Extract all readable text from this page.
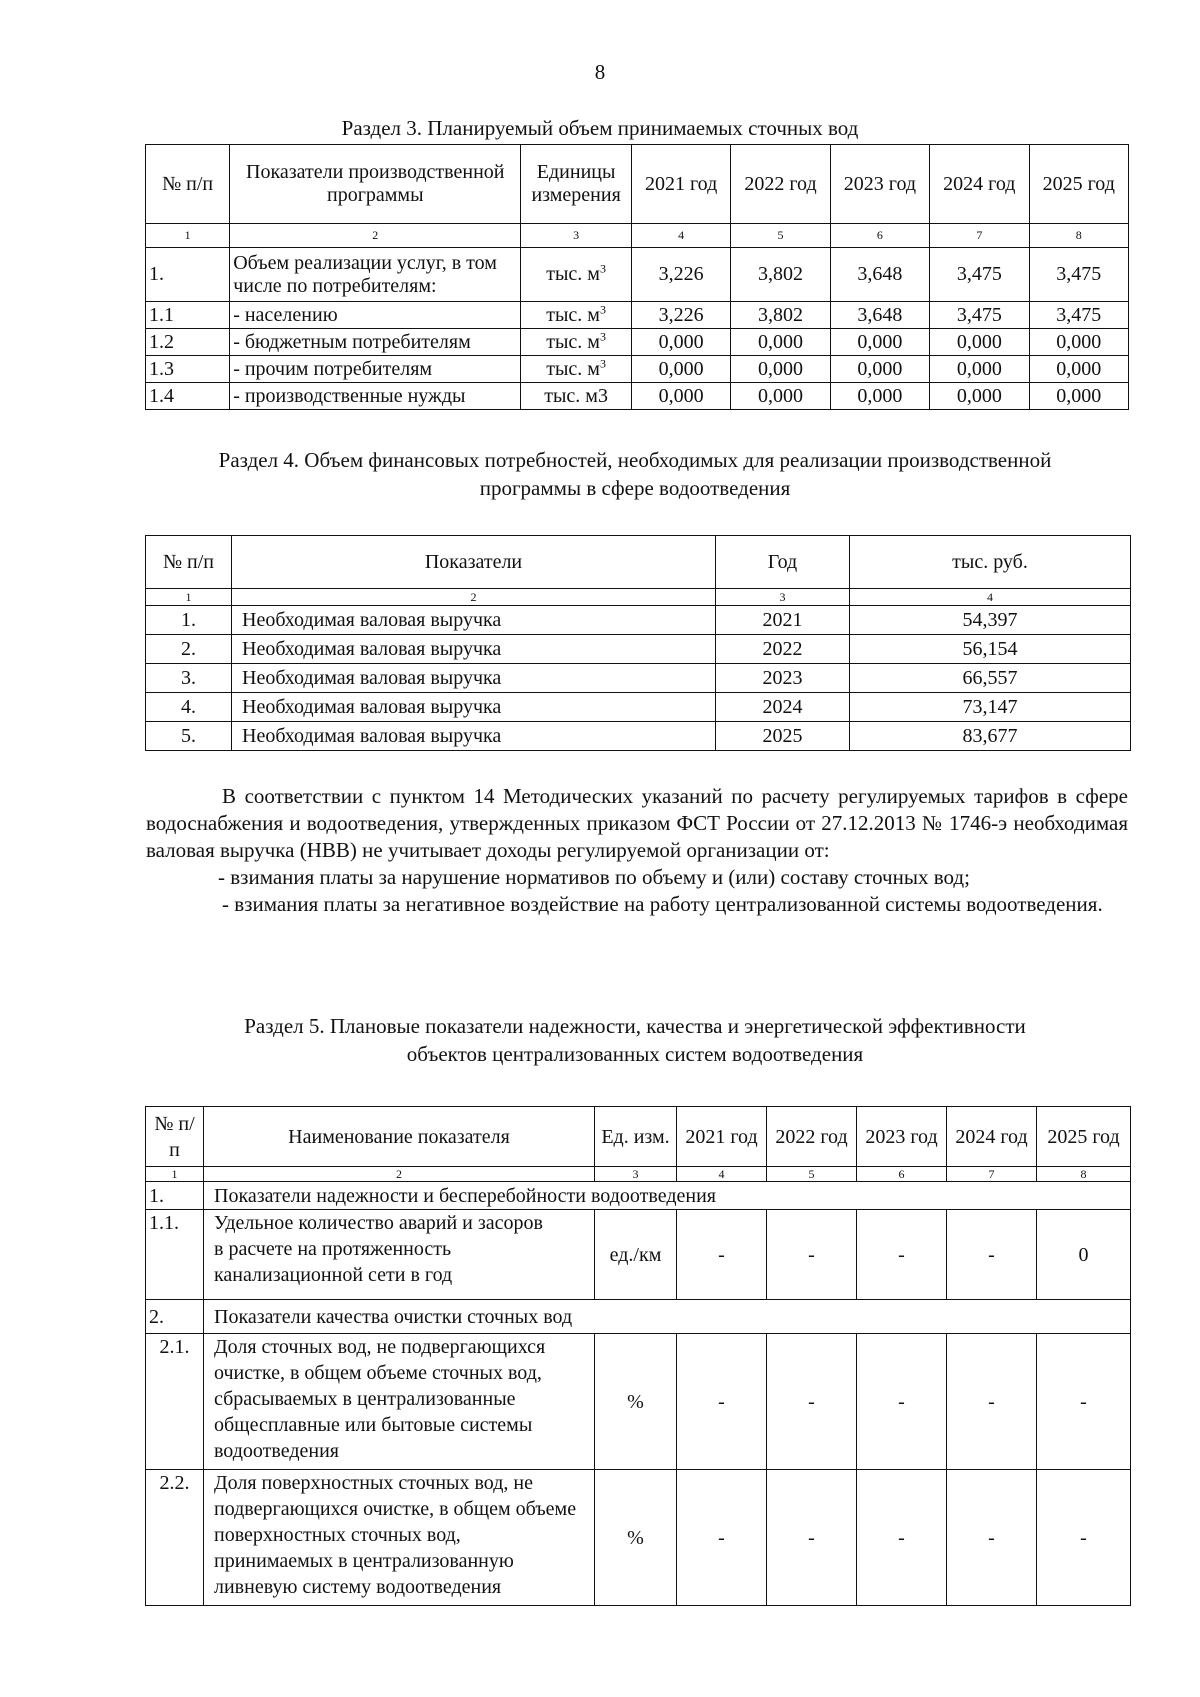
8
Раздел 3. Планируемый объем принимаемых сточных вод
№ п/п	Показатели производственной программы	Единицы измерения	2021 год	2022 год	2023 год	2024 год	2025 год
1	2	3	4	5	6	7	8
1.	Объем реализации услуг, в том числе по потребителям:	тыс. $м^3$	3,226	3,802	3,648	3,475	3,475
1.1	- населению	тыс. $м^3$	3,226	3,802	3,648	3,475	3,475
1.2	- бюджетным потребителям	тыс. $м^3$	0,000	0,000	0,000	0,000	0,000
1.3	- прочим потребителям	тыс. $м^3$	0,000	0,000	0,000	0,000	0,000
1.4	- производственные нужды	тыс. м3	0,000	0,000	0,000	0,000	0,000
Раздел 4. Объем финансовых потребностей, необходимых для реализации производственной
программы в сфере водоотведения
№ п/п	Показатели	Год	тыс. руб.
1	2	3	4
1.	Необходимая валовая выручка	2021	54,397
2.	Необходимая валовая выручка	2022	56,154
3.	Необходимая валовая выручка	2023	66,557
4.	Необходимая валовая выручка	2024	73,147
5.	Необходимая валовая выручка	2025	83,677
В соответствии с пунктом 14 Методических указаний по расчету регулируемых тарифов в сфере водоснабжения и водоотведения, утвержденных приказом ФСТ России от 27.12.2013 № 1746-э необходимая валовая выручка (НВВ) не учитывает доходы регулируемой организации от:
- взимания платы за нарушение нормативов по объему и (или) составу сточных вод;
- взимания платы за негативное воздействие на работу централизованной системы водоотведения.
Раздел 5. Плановые показатели надежности, качества и энергетической эффективности
объектов централизованных систем водоотведения
№ п/п	Наименование показателя	Ед. изм.	2021 год	2022 год	2023 год	2024 год	2025 год
1	2	3	4	5	6	7	8
1.	Показатели надежности и бесперебойности водоотведения						
1.1.	Удельное количество аварий и засоров в расчете на протяженность канализационной сети в год	ед./км	-	-	-	-	0
2.	Показатели качества очистки сточных вод						
2.1.	Доля сточных вод, не подвергающихся очистке, в общем объеме сточных вод, сбрасываемых в централизованные общесплавные или бытовые системы водоотведения	%	-	-	-	-	-
2.2.	Доля поверхностных сточных вод, не подвергающихся очистке, в общем объеме поверхностных сточных вод, принимаемых в централизованную ливневую систему водоотведения	%	-	-	-	-	-
